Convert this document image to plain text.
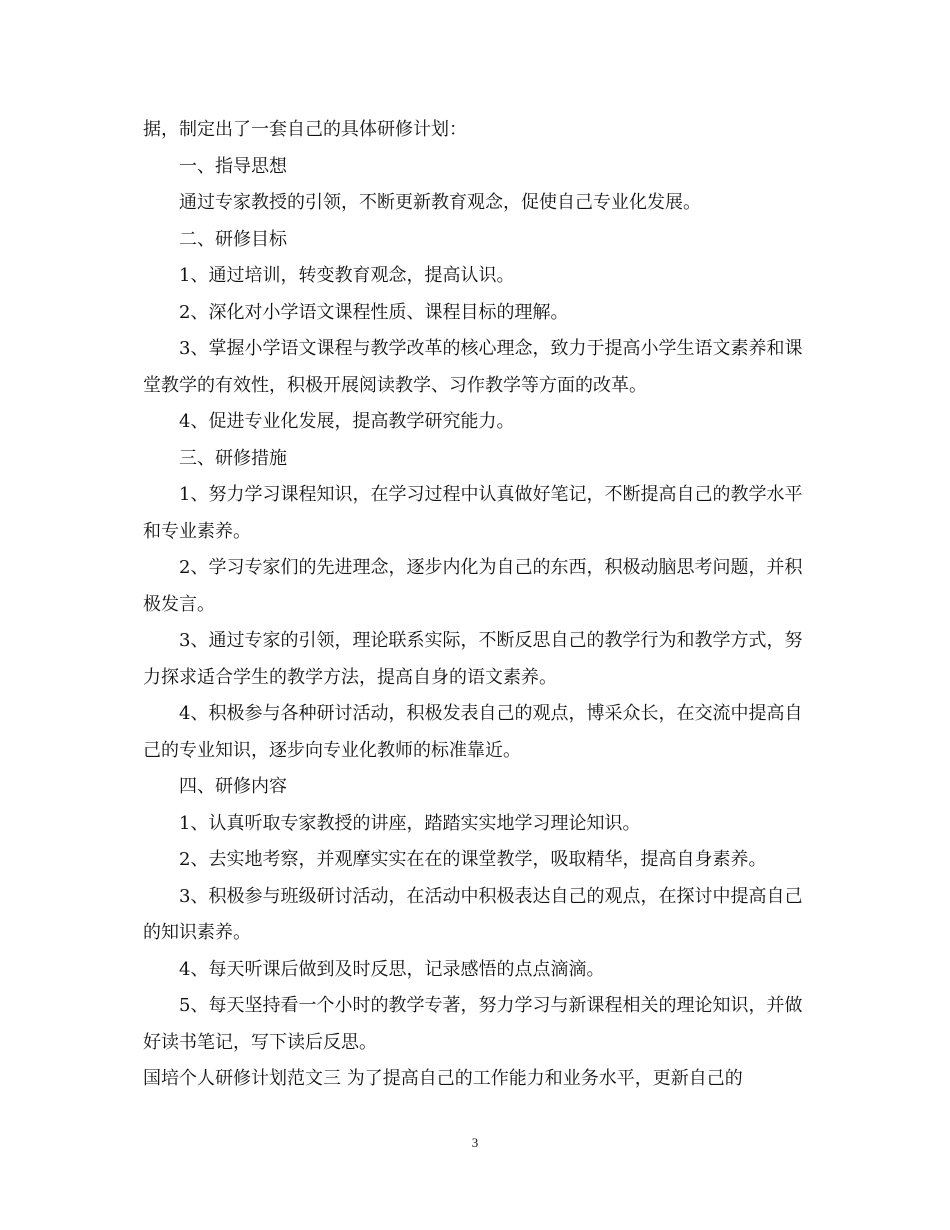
据，制定出了一套自己的具体研修计划：

一、指导思想

通过专家教授的引领，不断更新教育观念，促使自己专业化发展。

二、研修目标

1、通过培训，转变教育观念，提高认识。

2、深化对小学语文课程性质、课程目标的理解。

3、掌握小学语文课程与教学改革的核心理念，致力于提高小学生语文素养和课堂教学的有效性，积极开展阅读教学、习作教学等方面的改革。

4、促进专业化发展，提高教学研究能力。

三、研修措施

1、努力学习课程知识，在学习过程中认真做好笔记，不断提高自己的教学水平和专业素养。

2、学习专家们的先进理念，逐步内化为自己的东西，积极动脑思考问题，并积极发言。

3、通过专家的引领，理论联系实际，不断反思自己的教学行为和教学方式，努力探求适合学生的教学方法，提高自身的语文素养。

4、积极参与各种研讨活动，积极发表自己的观点，博采众长，在交流中提高自己的专业知识，逐步向专业化教师的标准靠近。

四、研修内容

1、认真听取专家教授的讲座，踏踏实实地学习理论知识。

2、去实地考察，并观摩实实在在的课堂教学，吸取精华，提高自身素养。

3、积极参与班级研讨活动，在活动中积极表达自己的观点，在探讨中提高自己的知识素养。

4、每天听课后做到及时反思，记录感悟的点点滴滴。

5、每天坚持看一个小时的教学专著，努力学习与新课程相关的理论知识，并做好读书笔记，写下读后反思。

国培个人研修计划范文三 为了提高自己的工作能力和业务水平，更新自己的

3
